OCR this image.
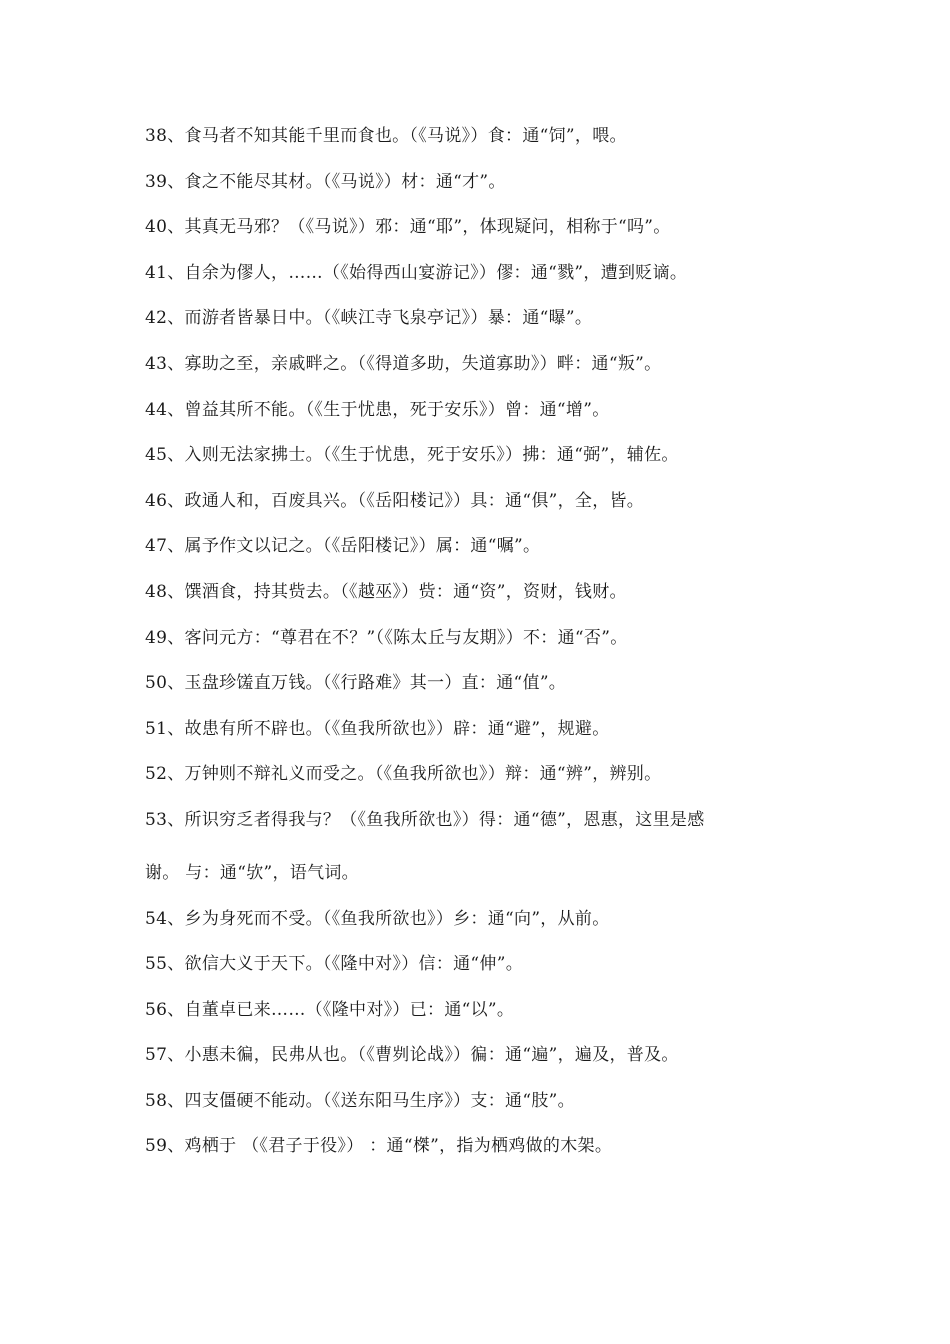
38、食马者不知其能千里而食也。（《马说》）食：通“饲”，喂。
39、食之不能尽其材。（《马说》）材：通“才”。
40、其真无马邪？（《马说》）邪：通“耶”，体现疑问，相称于“吗”。
41、自余为僇人，……（《始得西山宴游记》）僇：通“戮”，遭到贬谪。
42、而游者皆暴日中。（《峡江寺飞泉亭记》）暴：通“曝”。
43、寡助之至，亲戚畔之。（《得道多助，失道寡助》）畔：通“叛”。
44、曾益其所不能。（《生于忧患，死于安乐》）曾：通“增”。
45、入则无法家拂士。（《生于忧患，死于安乐》）拂：通“弼”，辅佐。
46、政通人和，百废具兴。（《岳阳楼记》）具：通“俱”，全，皆。
47、属予作文以记之。（《岳阳楼记》）属：通“嘱”。
48、馔酒食，持其赀去。（《越巫》）赀：通“资”，资财，钱财。
49、客问元方：“尊君在不？”（《陈太丘与友期》）不：通“否”。
50、玉盘珍馐直万钱。（《行路难》其一）直：通“值”。
51、故患有所不辟也。（《鱼我所欲也》）辟：通“避”，规避。
52、万钟则不辩礼义而受之。（《鱼我所欲也》）辩：通“辨”，辨别。
53、所识穷乏者得我与？（《鱼我所欲也》）得：通“德”，恩惠，这里是感
谢。 与：通“欤”，语气词。
54、乡为身死而不受。（《鱼我所欲也》）乡：通“向”，从前。
55、欲信大义于天下。（《隆中对》）信：通“伸”。
56、自董卓已来……（《隆中对》）已：通“以”。
57、小惠未徧，民弗从也。（《曹刿论战》）徧：通“遍”，遍及，普及。
58、四支僵硬不能动。（《送东阳马生序》）支：通“肢”。
59、鸡栖于 （《君子于役》） ：通“榤”，指为栖鸡做的木架。
